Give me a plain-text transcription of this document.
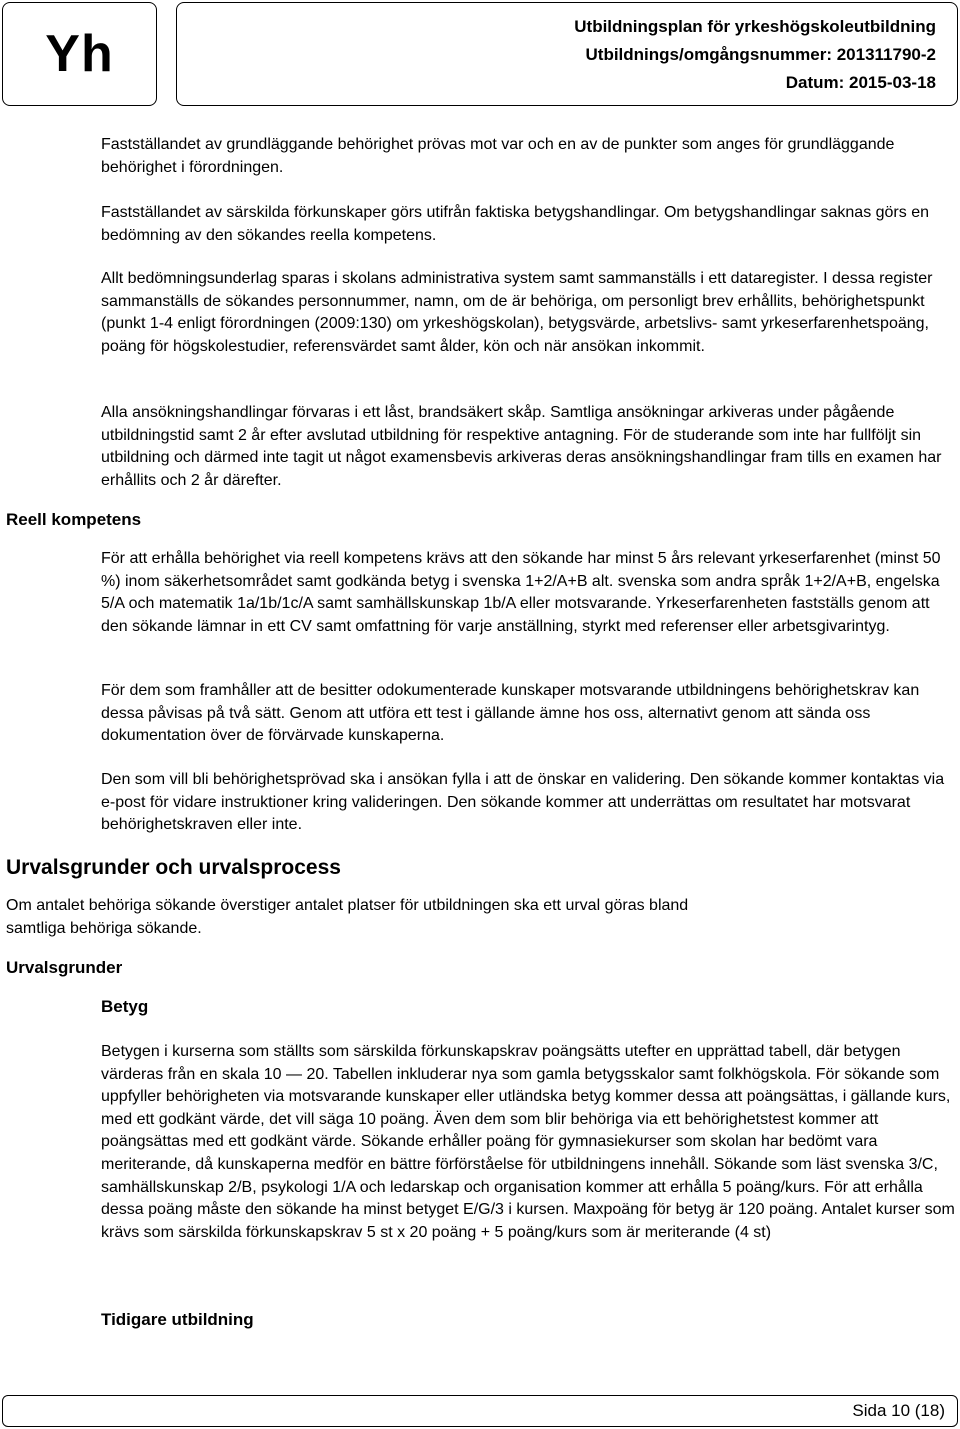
Yh	Utbildningsplan för yrkeshögskoleutbildning
Utbildnings/omgångsnummer: 201311790-2
Datum: 2015-03-18

Fastställandet av grundläggande behörighet prövas mot var och en av de punkter som anges för grundläggande behörighet i förordningen.

Fastställandet av särskilda förkunskaper görs utifrån faktiska betygshandlingar. Om betygshandlingar saknas görs en bedömning av den sökandes reella kompetens.

Allt bedömningsunderlag sparas i skolans administrativa system samt sammanställs i ett dataregister. I dessa register sammanställs de sökandes personnummer, namn, om de är behöriga, om personligt brev erhållits, behörighetspunkt (punkt 1-4 enligt förordningen (2009:130) om yrkeshögskolan), betygsvärde, arbetslivs- samt yrkeserfarenhetspoäng, poäng för högskolestudier, referensvärdet samt ålder, kön och när ansökan inkommit.

Alla ansökningshandlingar förvaras i ett låst, brandsäkert skåp. Samtliga ansökningar arkiveras under pågående utbildningstid samt 2 år efter avslutad utbildning för respektive antagning. För de studerande som inte har fullföljt sin utbildning och därmed inte tagit ut något examensbevis arkiveras deras ansökningshandlingar fram tills en examen har erhållits och 2 år därefter.

Reell kompetens

För att erhålla behörighet via reell kompetens krävs att den sökande har minst 5 års relevant yrkeserfarenhet (minst 50 %) inom säkerhetsområdet samt godkända betyg i svenska 1+2/A+B alt. svenska som andra språk 1+2/A+B, engelska 5/A och matematik 1a/1b/1c/A samt samhällskunskap 1b/A eller motsvarande. Yrkeserfarenheten fastställs genom att den sökande lämnar in ett CV samt omfattning för varje anställning, styrkt med referenser eller arbetsgivarintyg.

För dem som framhåller att de besitter odokumenterade kunskaper motsvarande utbildningens behörighetskrav kan dessa påvisas på två sätt. Genom att utföra ett test i gällande ämne hos oss, alternativt genom att sända oss dokumentation över de förvärvade kunskaperna.

Den som vill bli behörighetsprövad ska i ansökan fylla i att de önskar en validering. Den sökande kommer kontaktas via e-post för vidare instruktioner kring valideringen. Den sökande kommer att underrättas om resultatet har motsvarat behörighetskraven eller inte.

Urvalsgrunder och urvalsprocess

Om antalet behöriga sökande överstiger antalet platser för utbildningen ska ett urval göras bland samtliga behöriga sökande.

Urvalsgrunder
Betyg

Betygen i kurserna som ställts som särskilda förkunskapskrav poängsätts utefter en upprättad tabell, där betygen värderas från en skala 10 — 20. Tabellen inkluderar nya som gamla betygsskalor samt folkhögskola. För sökande som uppfyller behörigheten via motsvarande kunskaper eller utländska betyg kommer dessa att poängsättas, i gällande kurs, med ett godkänt värde, det vill säga 10 poäng. Även dem som blir behöriga via ett behörighetstest kommer att poängsättas med ett godkänt värde. Sökande erhåller poäng för gymnasiekurser som skolan har bedömt vara meriterande, då kunskaperna medför en bättre förförståelse för utbildningens innehåll. Sökande som läst svenska 3/C, samhällskunskap 2/B, psykologi 1/A och ledarskap och organisation kommer att erhålla 5 poäng/kurs. För att erhålla dessa poäng måste den sökande ha minst betyget E/G/3 i kursen. Maxpoäng för betyg är 120 poäng. Antalet kurser som krävs som särskilda förkunskapskrav 5 st x 20 poäng + 5 poäng/kurs som är meriterande (4 st)

Tidigare utbildning
Sida 10 (18)
